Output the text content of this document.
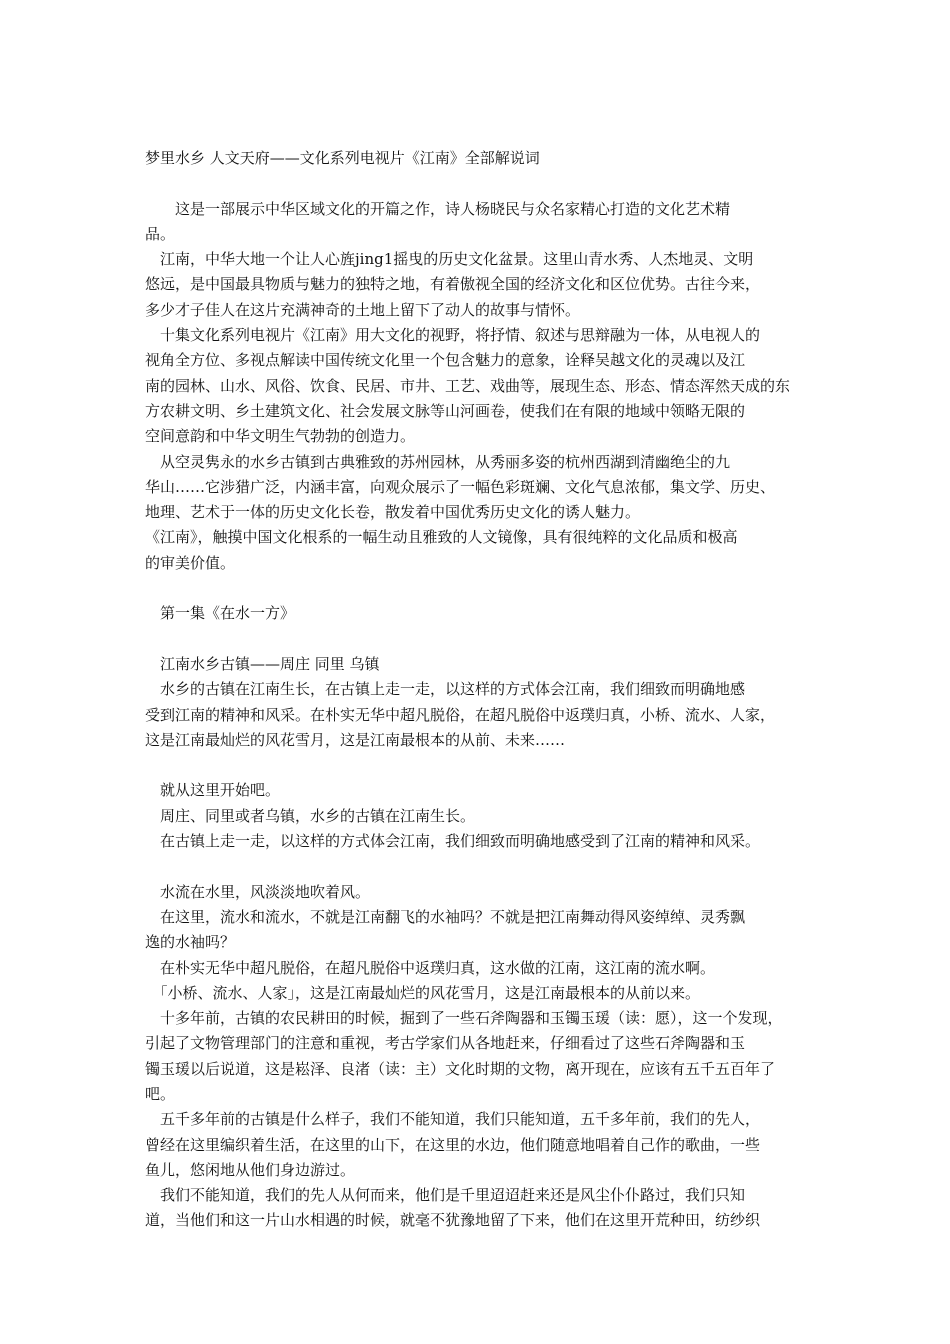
梦里水乡 人文天府——文化系列电视片《江南》全部解说词
　　这是一部展示中华区域文化的开篇之作，诗人杨晓民与众名家精心打造的文化艺术精
品。
　江南，中华大地一个让人心旌jing1摇曳的历史文化盆景。这里山青水秀、人杰地灵、文明
悠远，是中国最具物质与魅力的独特之地，有着傲视全国的经济文化和区位优势。古往今来，
多少才子佳人在这片充满神奇的土地上留下了动人的故事与情怀。
　十集文化系列电视片《江南》用大文化的视野，将抒情、叙述与思辩融为一体，从电视人的
视角全方位、多视点解读中国传统文化里一个包含魅力的意象，诠释吴越文化的灵魂以及江
南的园林、山水、风俗、饮食、民居、市井、工艺、戏曲等，展现生态、形态、情态浑然天成的东
方农耕文明、乡土建筑文化、社会发展文脉等山河画卷，使我们在有限的地域中领略无限的
空间意韵和中华文明生气勃勃的创造力。
　从空灵隽永的水乡古镇到古典雅致的苏州园林，从秀丽多姿的杭州西湖到清幽绝尘的九
华山……它涉猎广泛，内涵丰富，向观众展示了一幅色彩斑斓、文化气息浓郁，集文学、历史、
地理、艺术于一体的历史文化长卷，散发着中国优秀历史文化的诱人魅力。
《江南》，触摸中国文化根系的一幅生动且雅致的人文镜像，具有很纯粹的文化品质和极高
的审美价值。
　第一集《在水一方》
　江南水乡古镇——周庄 同里 乌镇
　水乡的古镇在江南生长，在古镇上走一走，以这样的方式体会江南，我们细致而明确地感
受到江南的精神和风采。在朴实无华中超凡脱俗，在超凡脱俗中返璞归真，小桥、流水、人家，
这是江南最灿烂的风花雪月，这是江南最根本的从前、未来……
　就从这里开始吧。
　周庄、同里或者乌镇，水乡的古镇在江南生长。
　在古镇上走一走，以这样的方式体会江南，我们细致而明确地感受到了江南的精神和风采。
　水流在水里，风淡淡地吹着风。
　在这里，流水和流水，不就是江南翻飞的水袖吗？不就是把江南舞动得风姿绰绰、灵秀飘
逸的水袖吗？
　在朴实无华中超凡脱俗，在超凡脱俗中返璞归真，这水做的江南，这江南的流水啊。
　「小桥、流水、人家」，这是江南最灿烂的风花雪月，这是江南最根本的从前以来。
　十多年前，古镇的农民耕田的时候，掘到了一些石斧陶器和玉镯玉瑗（读：愿），这一个发现，
引起了文物管理部门的注意和重视，考古学家们从各地赶来，仔细看过了这些石斧陶器和玉
镯玉瑗以后说道，这是崧泽、良渚（读：主）文化时期的文物，离开现在，应该有五千五百年了
吧。
　五千多年前的古镇是什么样子，我们不能知道，我们只能知道，五千多年前，我们的先人，
曾经在这里编织着生活，在这里的山下，在这里的水边，他们随意地唱着自己作的歌曲，一些
鱼儿，悠闲地从他们身边游过。
　我们不能知道，我们的先人从何而来，他们是千里迢迢赶来还是风尘仆仆路过，我们只知
道，当他们和这一片山水相遇的时候，就毫不犹豫地留了下来，他们在这里开荒种田，纺纱织
